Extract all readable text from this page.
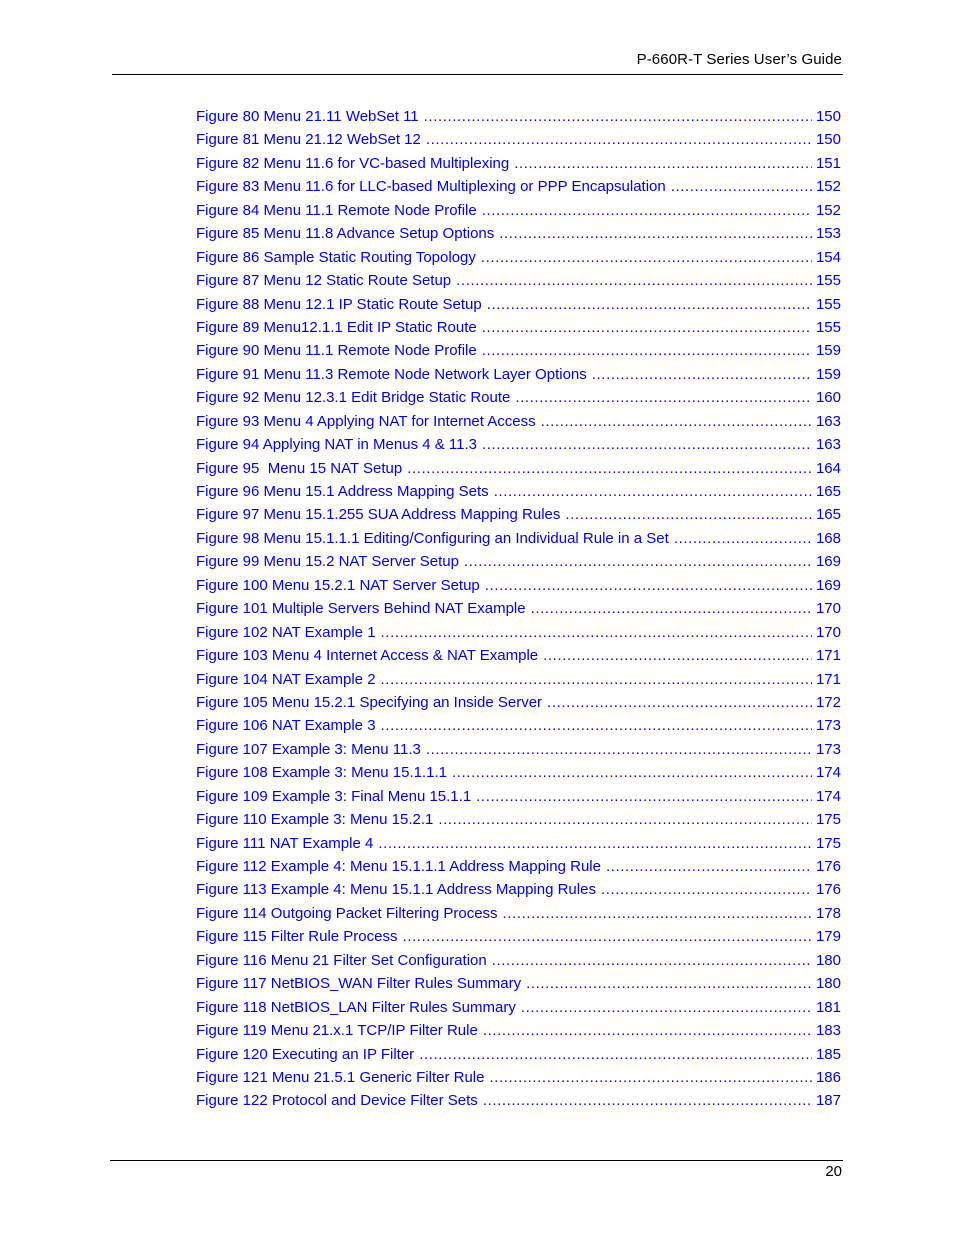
P-660R-T Series User’s Guide
Figure 80 Menu 21.11 WebSet 11 .....	150
Figure 81 Menu 21.12 WebSet 12 .....	150
Figure 82 Menu 11.6 for VC-based Multiplexing .....	151
Figure 83 Menu 11.6 for LLC-based Multiplexing or PPP Encapsulation .....	152
Figure 84 Menu 11.1 Remote Node Profile .....	152
Figure 85 Menu 11.8 Advance Setup Options .....	153
Figure 86 Sample Static Routing Topology .....	154
Figure 87 Menu 12 Static Route Setup .....	155
Figure 88 Menu 12.1 IP Static Route Setup .....	155
Figure 89 Menu12.1.1 Edit IP Static Route .....	155
Figure 90 Menu 11.1 Remote Node Profile .....	159
Figure 91 Menu 11.3 Remote Node Network Layer Options .....	159
Figure 92 Menu 12.3.1 Edit Bridge Static Route .....	160
Figure 93 Menu 4 Applying NAT for Internet Access .....	163
Figure 94 Applying NAT in Menus 4 & 11.3 .....	163
Figure 95  Menu 15 NAT Setup .....	164
Figure 96 Menu 15.1 Address Mapping Sets .....	165
Figure 97 Menu 15.1.255 SUA Address Mapping Rules .....	165
Figure 98 Menu 15.1.1.1 Editing/Configuring an Individual Rule in a Set .....	168
Figure 99 Menu 15.2 NAT Server Setup .....	169
Figure 100 Menu 15.2.1 NAT Server Setup .....	169
Figure 101 Multiple Servers Behind NAT Example .....	170
Figure 102 NAT Example 1 .....	170
Figure 103 Menu 4 Internet Access & NAT Example .....	171
Figure 104 NAT Example 2 .....	171
Figure 105 Menu 15.2.1 Specifying an Inside Server .....	172
Figure 106 NAT Example 3 .....	173
Figure 107 Example 3: Menu 11.3 .....	173
Figure 108 Example 3: Menu 15.1.1.1 .....	174
Figure 109 Example 3: Final Menu 15.1.1 .....	174
Figure 110 Example 3: Menu 15.2.1 .....	175
Figure 111 NAT Example 4 .....	175
Figure 112 Example 4: Menu 15.1.1.1 Address Mapping Rule .....	176
Figure 113 Example 4: Menu 15.1.1 Address Mapping Rules .....	176
Figure 114 Outgoing Packet Filtering Process .....	178
Figure 115 Filter Rule Process .....	179
Figure 116 Menu 21 Filter Set Configuration .....	180
Figure 117 NetBIOS_WAN Filter Rules Summary .....	180
Figure 118 NetBIOS_LAN Filter Rules Summary .....	181
Figure 119 Menu 21.x.1 TCP/IP Filter Rule .....	183
Figure 120 Executing an IP Filter .....	185
Figure 121 Menu 21.5.1 Generic Filter Rule .....	186
Figure 122 Protocol and Device Filter Sets .....	187
20
